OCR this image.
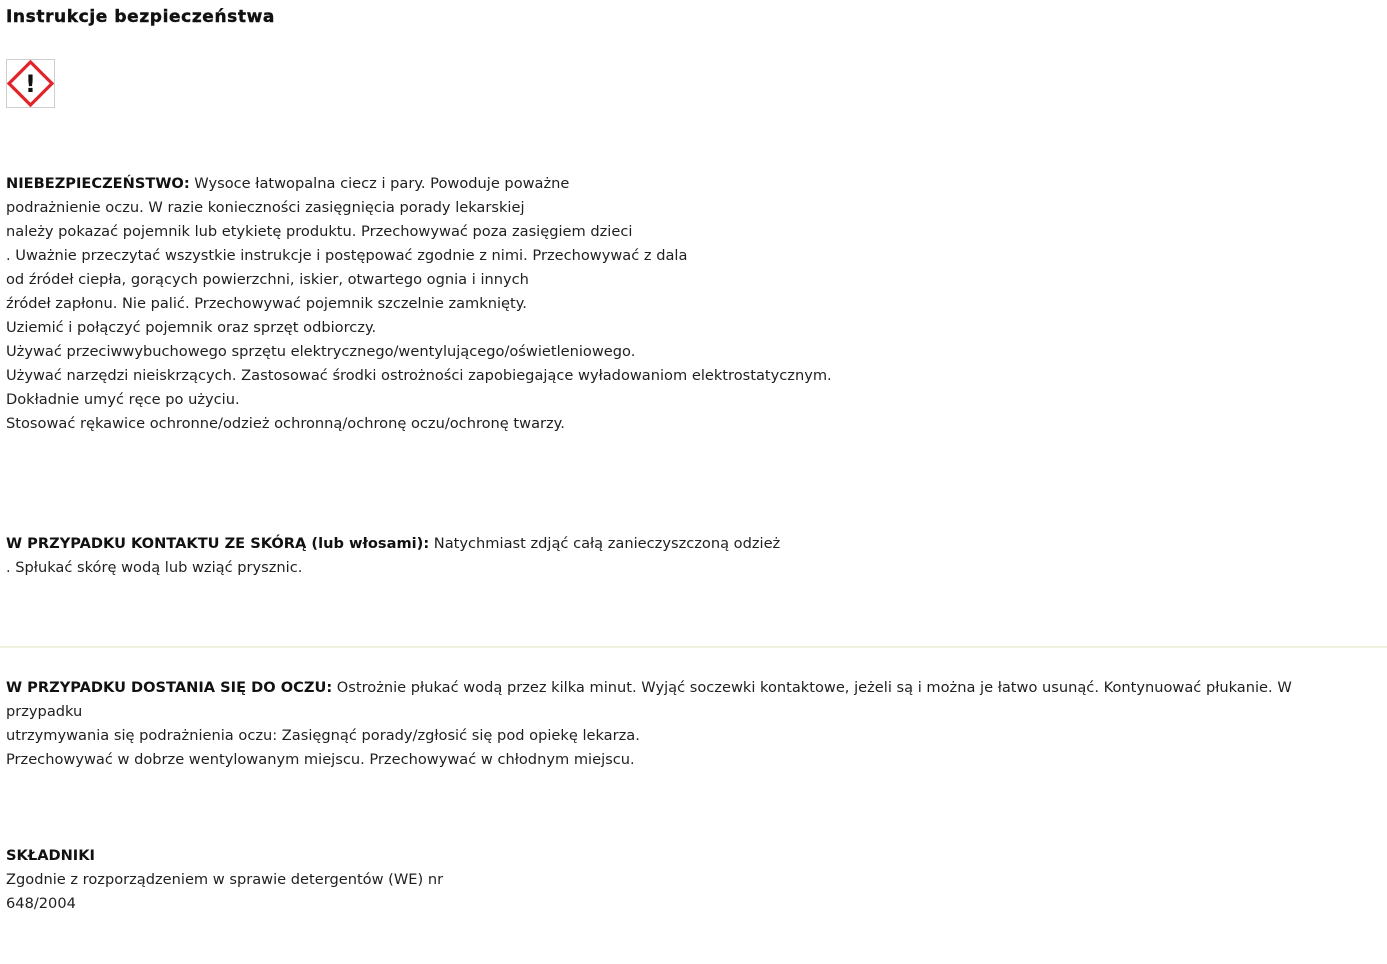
Instrukcje bezpieczeństwa
!

NIEBEZPIECZEŃSTWO: Wysoce łatwopalna ciecz i pary. Powoduje poważne
podrażnienie oczu. W razie konieczności zasięgnięcia porady lekarskiej
należy pokazać pojemnik lub etykietę produktu. Przechowywać poza zasięgiem dzieci
. Uważnie przeczytać wszystkie instrukcje i postępować zgodnie z nimi. Przechowywać z dala
od źródeł ciepła, gorących powierzchni, iskier, otwartego ognia i innych
źródeł zapłonu. Nie palić. Przechowywać pojemnik szczelnie zamknięty.
Uziemić i połączyć pojemnik oraz sprzęt odbiorczy.
Używać przeciwwybuchowego sprzętu elektrycznego/wentylującego/oświetleniowego.
Używać narzędzi nieiskrzących. Zastosować środki ostrożności zapobiegające wyładowaniom elektrostatycznym.
Dokładnie umyć ręce po użyciu.
Stosować rękawice ochronne/odzież ochronną/ochronę oczu/ochronę twarzy.

W PRZYPADKU KONTAKTU ZE SKÓRĄ (lub włosami): Natychmiast zdjąć całą zanieczyszczoną odzież
. Spłukać skórę wodą lub wziąć prysznic.

W PRZYPADKU DOSTANIA SIĘ DO OCZU: Ostrożnie płukać wodą przez kilka minut. Wyjąć soczewki kontaktowe, jeżeli są i można je łatwo usunąć. Kontynuować płukanie. W
przypadku
utrzymywania się podrażnienia oczu: Zasięgnąć porady/zgłosić się pod opiekę lekarza.
Przechowywać w dobrze wentylowanym miejscu. Przechowywać w chłodnym miejscu.

SKŁADNIKI
Zgodnie z rozporządzeniem w sprawie detergentów (WE) nr
648/2004
